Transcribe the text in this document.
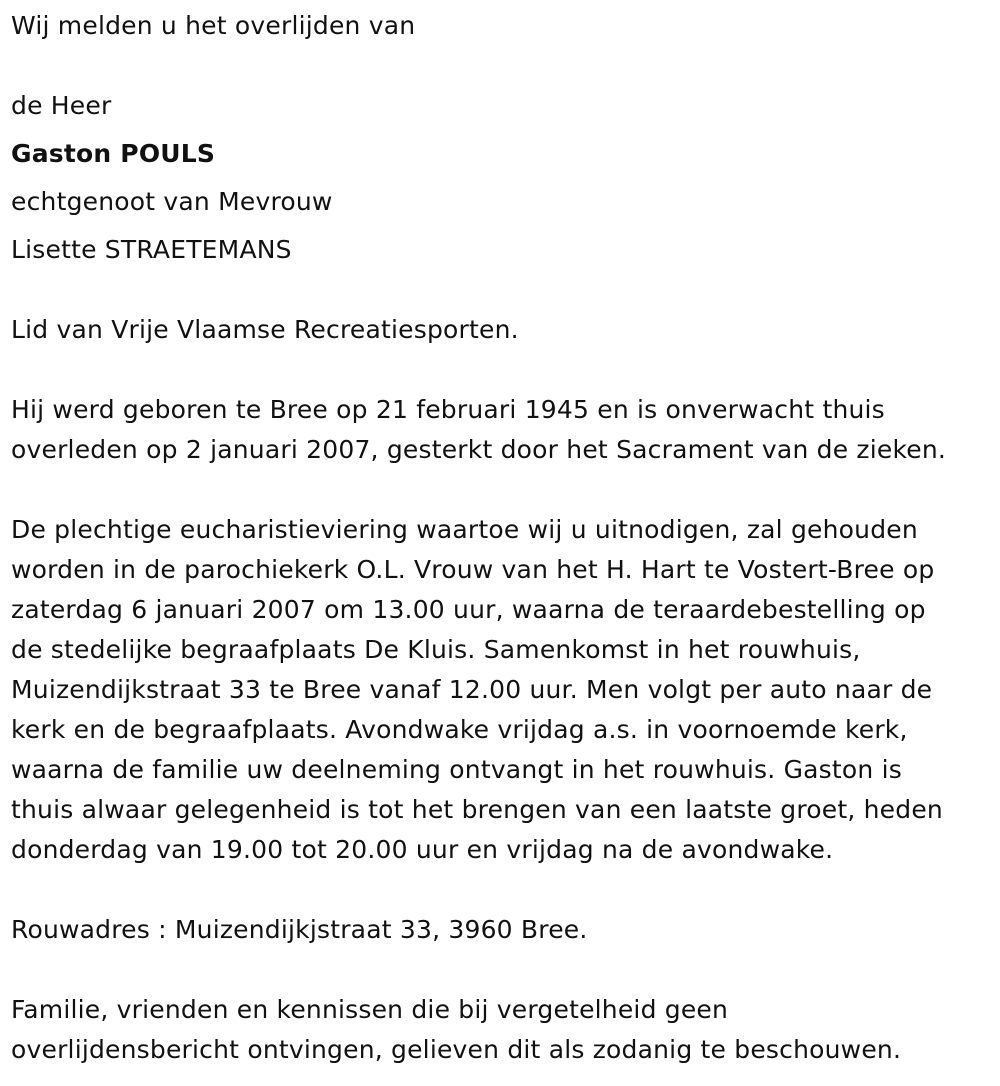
Wij melden u het overlijden van
de Heer
Gaston POULS
echtgenoot van Mevrouw
Lisette STRAETEMANS
Lid van Vrije Vlaamse Recreatiesporten.
Hij werd geboren te Bree op 21 februari 1945 en is onverwacht thuis
overleden op 2 januari 2007, gesterkt door het Sacrament van de zieken.
De plechtige eucharistieviering waartoe wij u uitnodigen, zal gehouden
worden in de parochiekerk O.L. Vrouw van het H. Hart te Vostert-Bree op
zaterdag 6 januari 2007 om 13.00 uur, waarna de teraardebestelling op
de stedelijke begraafplaats De Kluis. Samenkomst in het rouwhuis,
Muizendijkstraat 33 te Bree vanaf 12.00 uur. Men volgt per auto naar de
kerk en de begraafplaats. Avondwake vrijdag a.s. in voornoemde kerk,
waarna de familie uw deelneming ontvangt in het rouwhuis. Gaston is
thuis alwaar gelegenheid is tot het brengen van een laatste groet, heden
donderdag van 19.00 tot 20.00 uur en vrijdag na de avondwake.
Rouwadres : Muizendijkjstraat 33, 3960 Bree.
Familie, vrienden en kennissen die bij vergetelheid geen
overlijdensbericht ontvingen, gelieven dit als zodanig te beschouwen.
